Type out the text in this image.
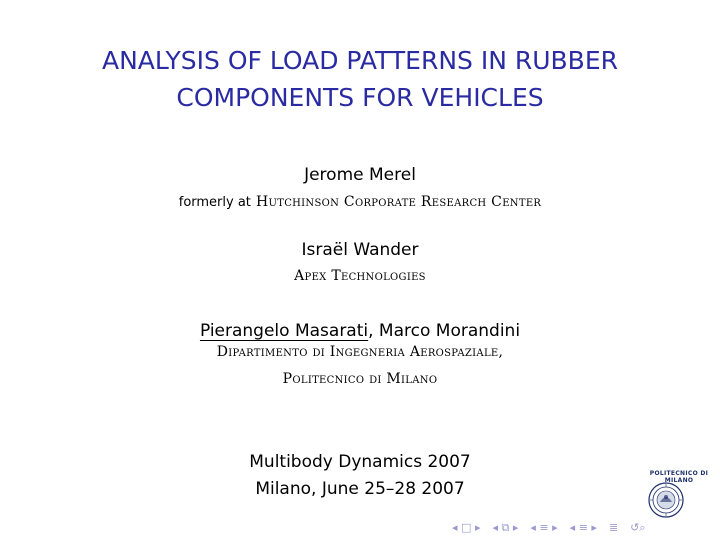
ANALYSIS OF LOAD PATTERNS IN RUBBER
COMPONENTS FOR VEHICLES
Jerome Merel
formerly at Hutchinson Corporate Research Center
Israël Wander
Apex Technologies
Pierangelo Masarati, Marco Morandini
Dipartimento di Ingegneria Aerospaziale,
Politecnico di Milano
Multibody Dynamics 2007
Milano, June 25–28 2007
POLITECNICO DI MILANO
◂ □ ▸ ◂ ⧉ ▸ ◂ ≡ ▸ ◂ ≡ ▸ ≣ ↺⌕
